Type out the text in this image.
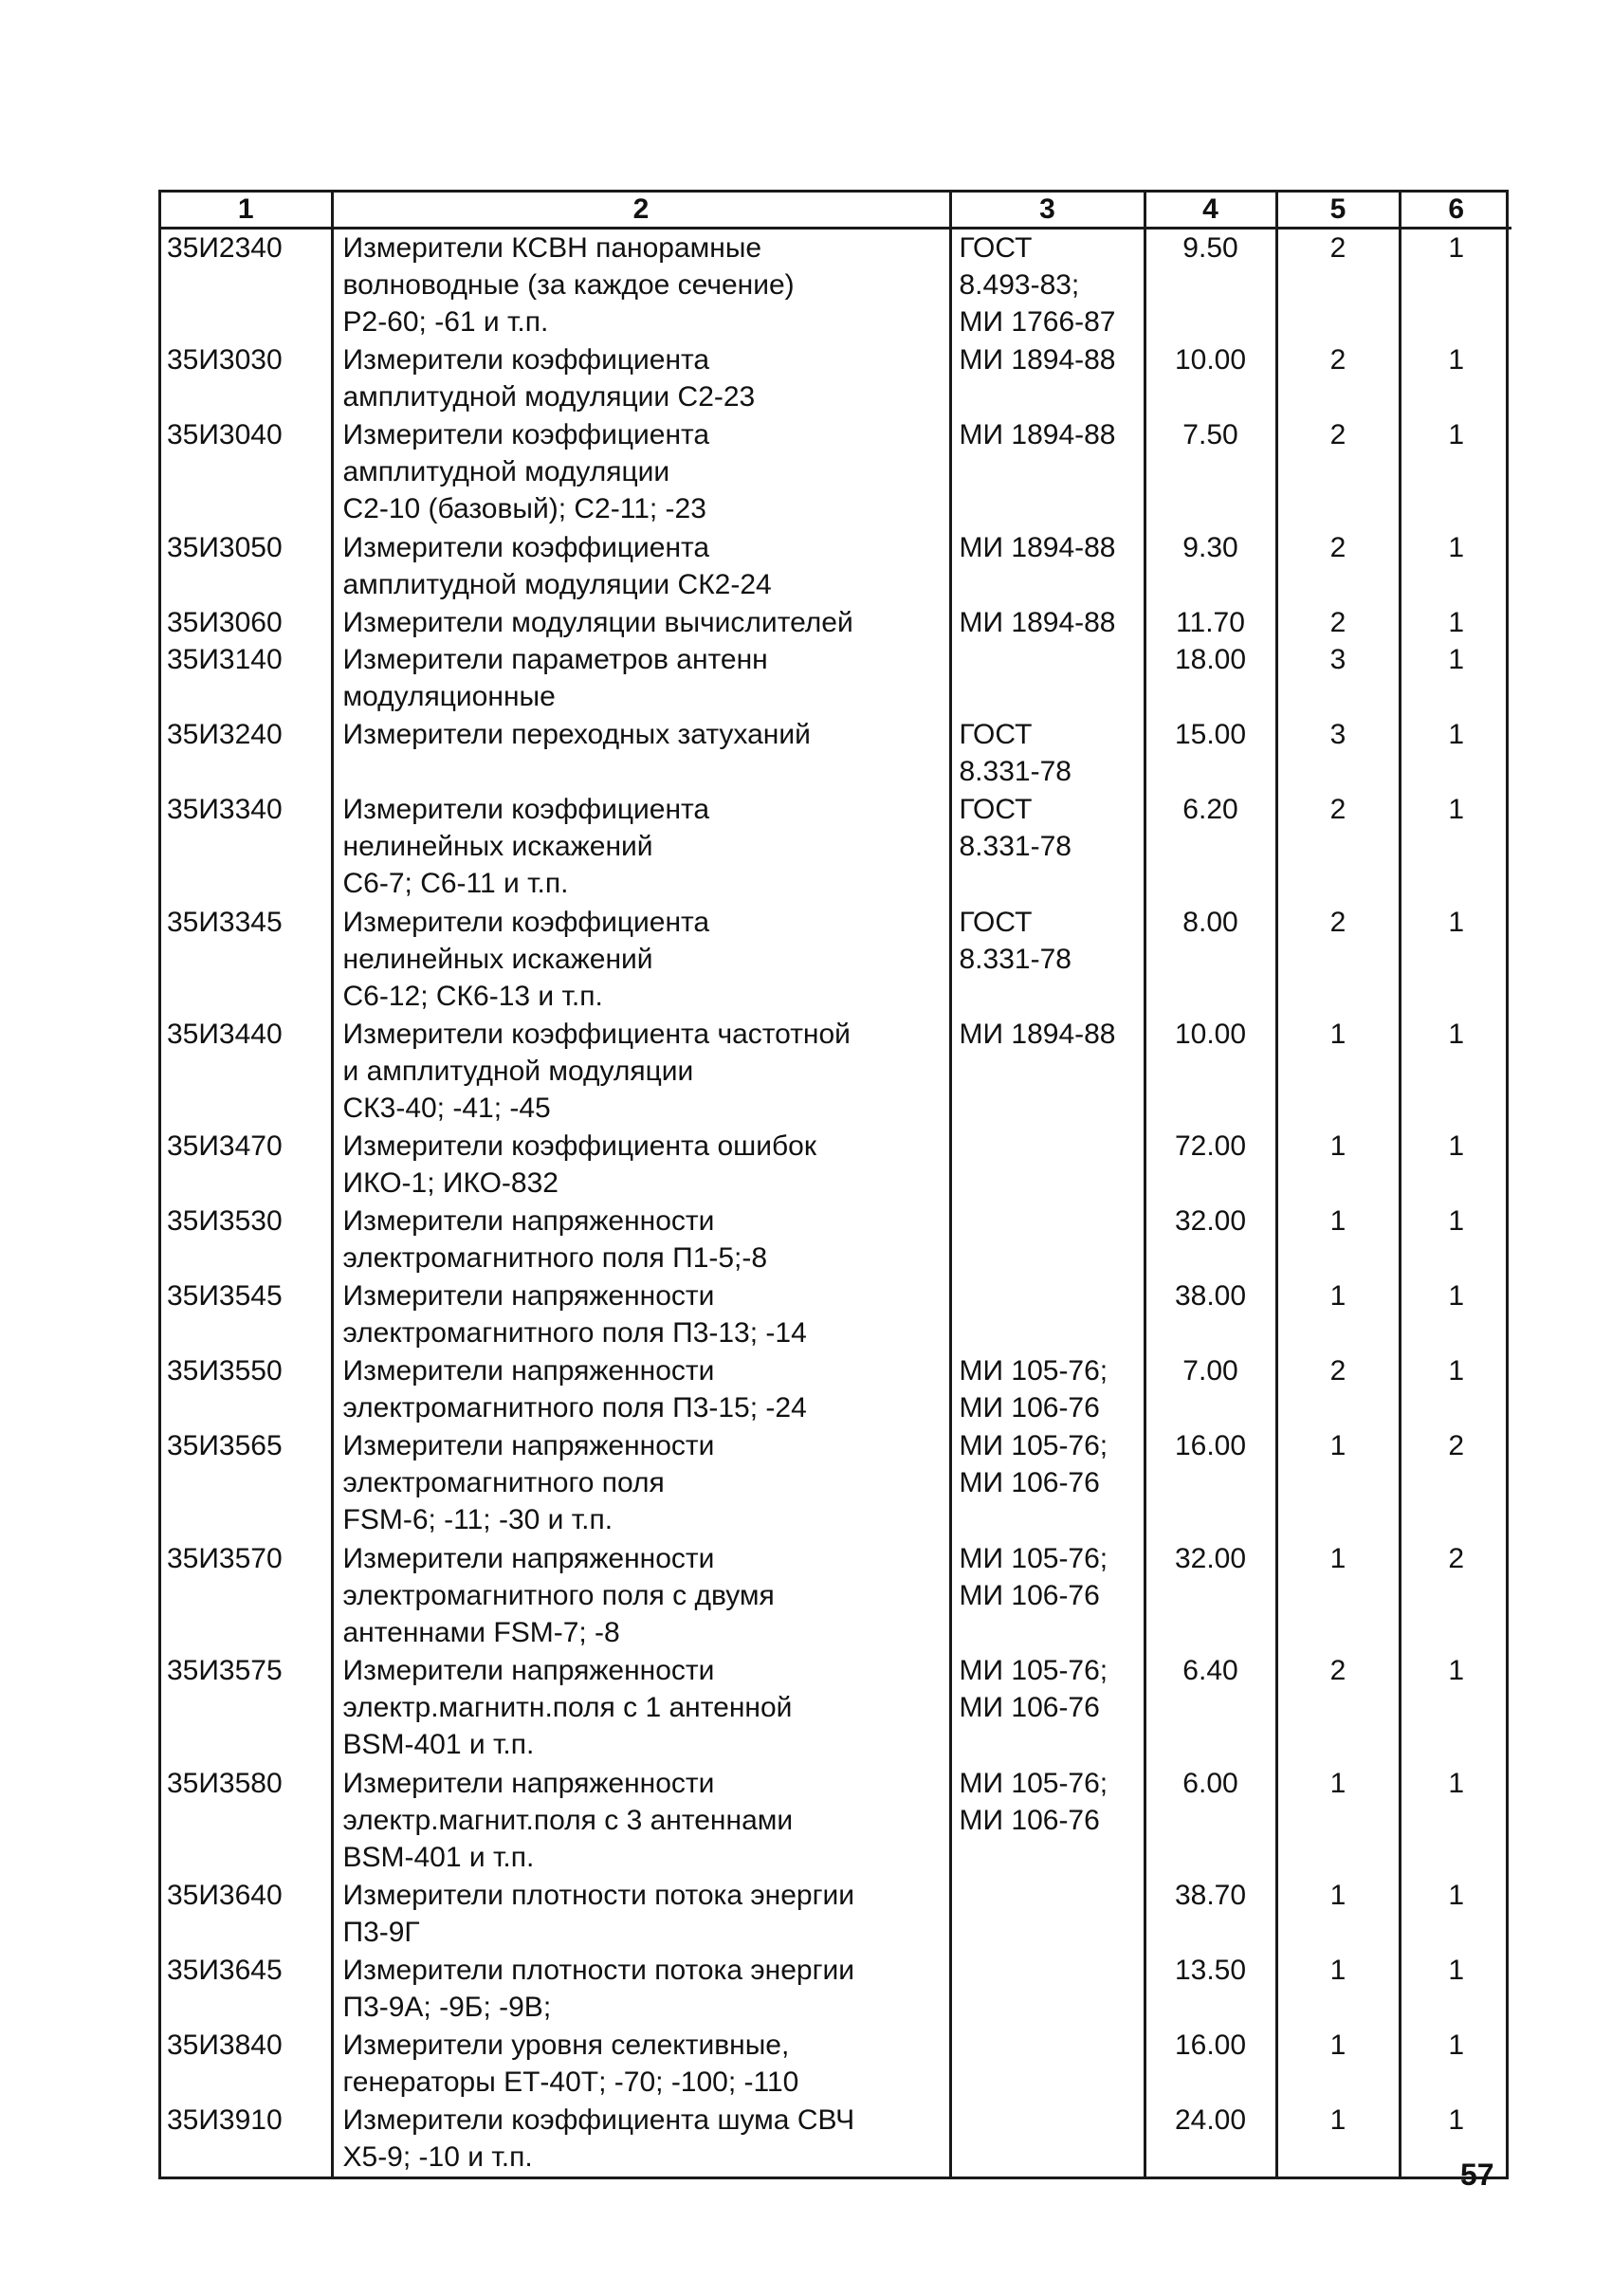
1	2	3	4	5	6
35И2340	Измерители КСВН панорамные
волноводные (за каждое сечение)
Р2-60; -61 и т.п.	ГОСТ
8.493-83;
МИ 1766-87	9.50	2	1
35И3030	Измерители коэффициента
амплитудной модуляции С2-23	МИ 1894-88	10.00	2	1
35И3040	Измерители коэффициента
амплитудной модуляции
С2-10 (базовый); С2-11; -23	МИ 1894-88	7.50	2	1
35И3050	Измерители коэффициента
амплитудной модуляции СК2-24	МИ 1894-88	9.30	2	1
35И3060	Измерители модуляции вычислителей	МИ 1894-88	11.70	2	1
35И3140	Измерители параметров антенн
модуляционные		18.00	3	1
35И3240	Измерители переходных затуханий	ГОСТ
8.331-78	15.00	3	1
35И3340	Измерители коэффициента
нелинейных искажений
С6-7; С6-11 и т.п.	ГОСТ
8.331-78	6.20	2	1
35И3345	Измерители коэффициента
нелинейных искажений
С6-12; СК6-13 и т.п.	ГОСТ
8.331-78	8.00	2	1
35И3440	Измерители коэффициента частотной
и амплитудной модуляции
СК3-40; -41; -45	МИ 1894-88	10.00	1	1
35И3470	Измерители коэффициента ошибок
ИКО-1; ИКО-832		72.00	1	1
35И3530	Измерители напряженности
электромагнитного поля П1-5;-8		32.00	1	1
35И3545	Измерители напряженности
электромагнитного поля П3-13; -14		38.00	1	1
35И3550	Измерители напряженности
электромагнитного поля П3-15; -24	МИ 105-76;
МИ 106-76	7.00	2	1
35И3565	Измерители напряженности
электромагнитного поля
FSM-6; -11; -30 и т.п.	МИ 105-76;
МИ 106-76	16.00	1	2
35И3570	Измерители напряженности
электромагнитного поля с двумя
антеннами FSM-7; -8	МИ 105-76;
МИ 106-76	32.00	1	2
35И3575	Измерители напряженности
электр.магнитн.поля с 1 антенной
BSM-401 и т.п.	МИ 105-76;
МИ 106-76	6.40	2	1
35И3580	Измерители напряженности
электр.магнит.поля с 3 антеннами
BSM-401 и т.п.	МИ 105-76;
МИ 106-76	6.00	1	1
35И3640	Измерители плотности потока энергии
П3-9Г		38.70	1	1
35И3645	Измерители плотности потока энергии
П3-9А; -9Б; -9В;		13.50	1	1
35И3840	Измерители уровня селективные,
генераторы ЕТ-40Т; -70; -100; -110		16.00	1	1
35И3910	Измерители коэффициента шума СВЧ
Х5-9; -10 и т.п.		24.00	1	1

57
